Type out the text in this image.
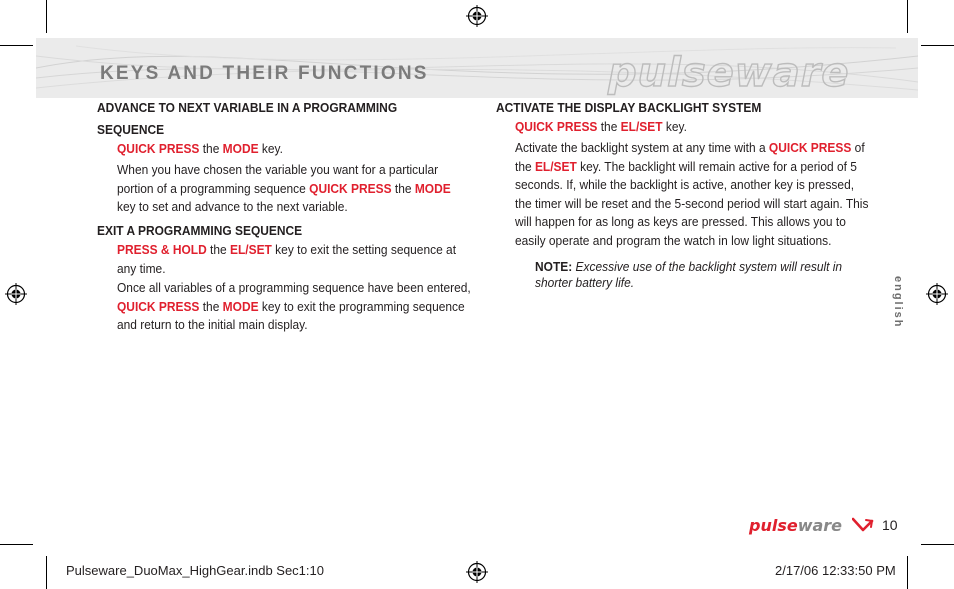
KEYS AND THEIR FUNCTIONS	pulseware
ADVANCE TO NEXT VARIABLE IN A PROGRAMMING
SEQUENCE
QUICK PRESS the MODE key.
When you have chosen the variable you want for a particular portion of a programming sequence QUICK PRESS the MODE key to set and advance to the next variable.
EXIT A PROGRAMMING SEQUENCE
PRESS & HOLD the EL/SET key to exit the setting sequence at any time.
Once all variables of a programming sequence have been entered, QUICK PRESS the MODE key to exit the programming sequence and return to the initial main display.
ACTIVATE THE DISPLAY BACKLIGHT SYSTEM
QUICK PRESS the EL/SET key.
Activate the backlight system at any time with a QUICK PRESS of the EL/SET key. The backlight will remain active for a period of 5 seconds. If, while the backlight is active, another key is pressed, the timer will be reset and the 5-second period will start again. This will happen for as long as keys are pressed. This allows you to easily operate and program the watch in low light situations.
NOTE: Excessive use of the backlight system will result in shorter battery life.	english
pulseware	10
Pulseware_DuoMax_HighGear.indb Sec1:10	2/17/06 12:33:50 PM
